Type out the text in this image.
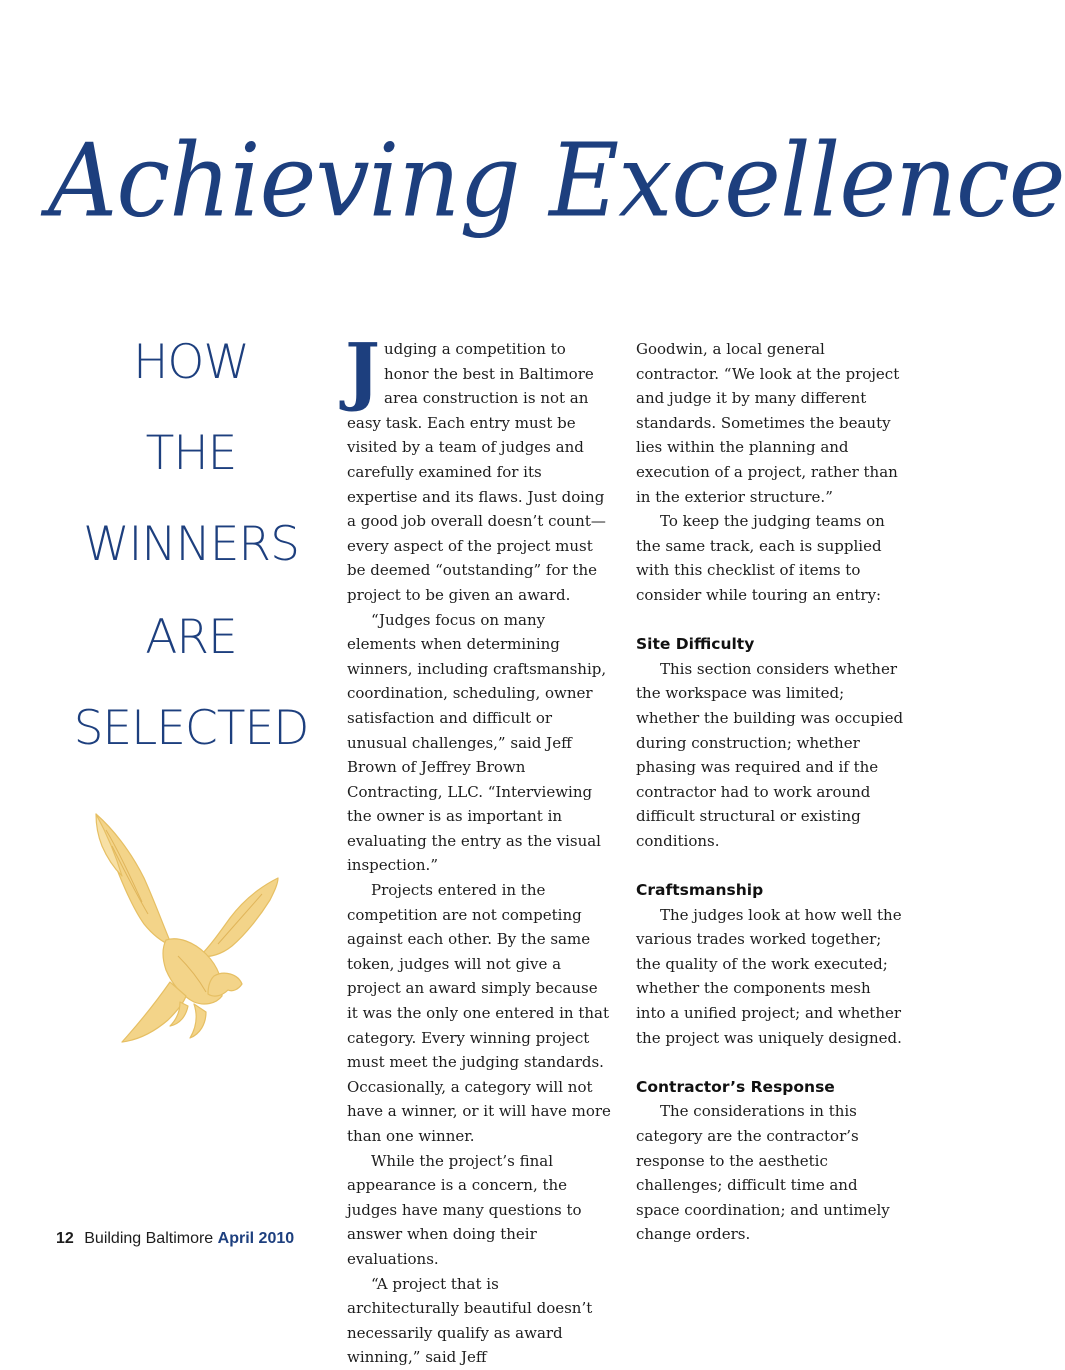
Achieving Excellence
HOW
THE
WINNERS
ARE
SELECTED

Judging a competition to honor the best in Baltimore area construction is not an easy task. Each entry must be visited by a team of judges and carefully examined for its expertise and its flaws. Just doing a good job overall doesn’t count—every aspect of the project must be deemed “outstanding” for the project to be given an award.

“Judges focus on many elements when determining winners, including craftsmanship, coordination, scheduling, owner satisfaction and difficult or unusual challenges,” said Jeff Brown of Jeffrey Brown Contracting, LLC. “Interviewing the owner is as important in evaluating the entry as the visual inspection.”

Projects entered in the competition are not competing against each other. By the same token, judges will not give a project an award simply because it was the only one entered in that category. Every winning project must meet the judging standards. Occasionally, a category will not have a winner, or it will have more than one winner.

While the project’s final appearance is a concern, the judges have many questions to answer when doing their evaluations.

“A project that is architecturally beautiful doesn’t necessarily qualify as award winning,” said Jeff

Goodwin, a local general contractor. “We look at the project and judge it by many different standards. Sometimes the beauty lies within the planning and execution of a project, rather than in the exterior structure.”

To keep the judging teams on the same track, each is supplied with this checklist of items to consider while touring an entry:

Site Difficulty

This section considers whether the workspace was limited; whether the building was occupied during construction; whether phasing was required and if the contractor had to work around difficult structural or existing conditions.

Craftsmanship

The judges look at how well the various trades worked together; the quality of the work executed; whether the components mesh into a unified project; and whether the project was uniquely designed.

Contractor’s Response

The considerations in this category are the contractor’s response to the aesthetic challenges; difficult time and space coordination; and untimely change orders.

12 Building Baltimore April 2010
